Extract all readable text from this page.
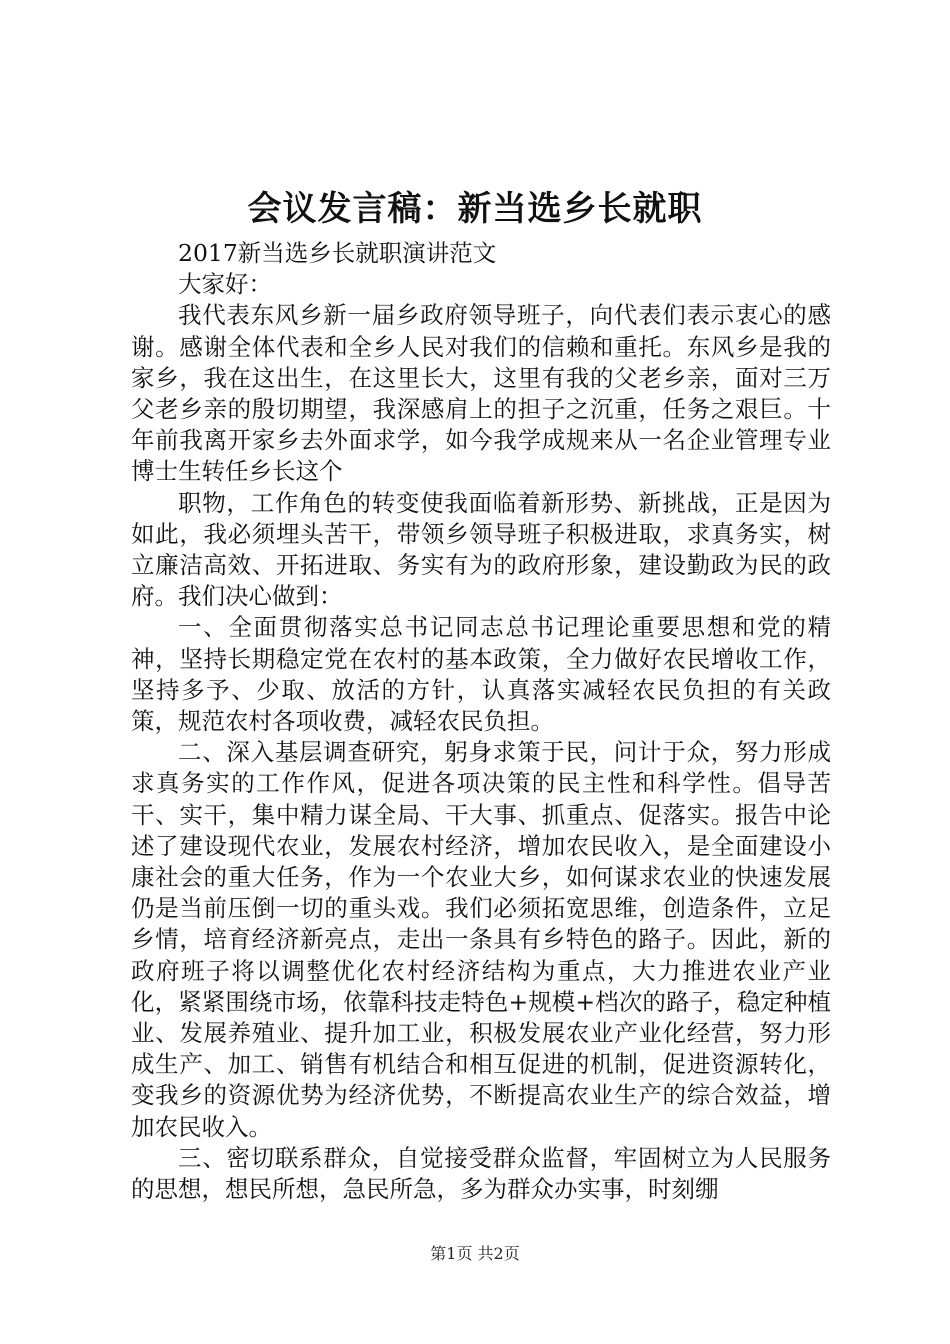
会议发言稿：新当选乡长就职

2017新当选乡长就职演讲范文

大家好：

我代表东风乡新一届乡政府领导班子，向代表们表示衷心的感谢。感谢全体代表和全乡人民对我们的信赖和重托。东风乡是我的家乡，我在这出生，在这里长大，这里有我的父老乡亲，面对三万父老乡亲的殷切期望，我深感肩上的担子之沉重，任务之艰巨。十年前我离开家乡去外面求学，如今我学成规来从一名企业管理专业博士生转任乡长这个

职物，工作角色的转变使我面临着新形势、新挑战，正是因为如此，我必须埋头苦干，带领乡领导班子积极进取，求真务实，树立廉洁高效、开拓进取、务实有为的政府形象，建设勤政为民的政府。我们决心做到：

一、全面贯彻落实总书记同志总书记理论重要思想和党的精神，坚持长期稳定党在农村的基本政策，全力做好农民增收工作，坚持多予、少取、放活的方针，认真落实减轻农民负担的有关政策，规范农村各项收费，减轻农民负担。

二、深入基层调查研究，躬身求策于民，问计于众，努力形成求真务实的工作作风，促进各项决策的民主性和科学性。倡导苦干、实干，集中精力谋全局、干大事、抓重点、促落实。报告中论述了建设现代农业，发展农村经济，增加农民收入，是全面建设小康社会的重大任务，作为一个农业大乡，如何谋求农业的快速发展仍是当前压倒一切的重头戏。我们必须拓宽思维，创造条件，立足乡情，培育经济新亮点，走出一条具有乡特色的路子。因此，新的政府班子将以调整优化农村经济结构为重点，大力推进农业产业化，紧紧围绕市场，依靠科技走特色+规模+档次的路子，稳定种植业、发展养殖业、提升加工业，积极发展农业产业化经营，努力形成生产、加工、销售有机结合和相互促进的机制，促进资源转化，变我乡的资源优势为经济优势，不断提高农业生产的综合效益，增加农民收入。

三、密切联系群众，自觉接受群众监督，牢固树立为人民服务的思想，想民所想，急民所急，多为群众办实事，时刻绷

第1页 共2页
